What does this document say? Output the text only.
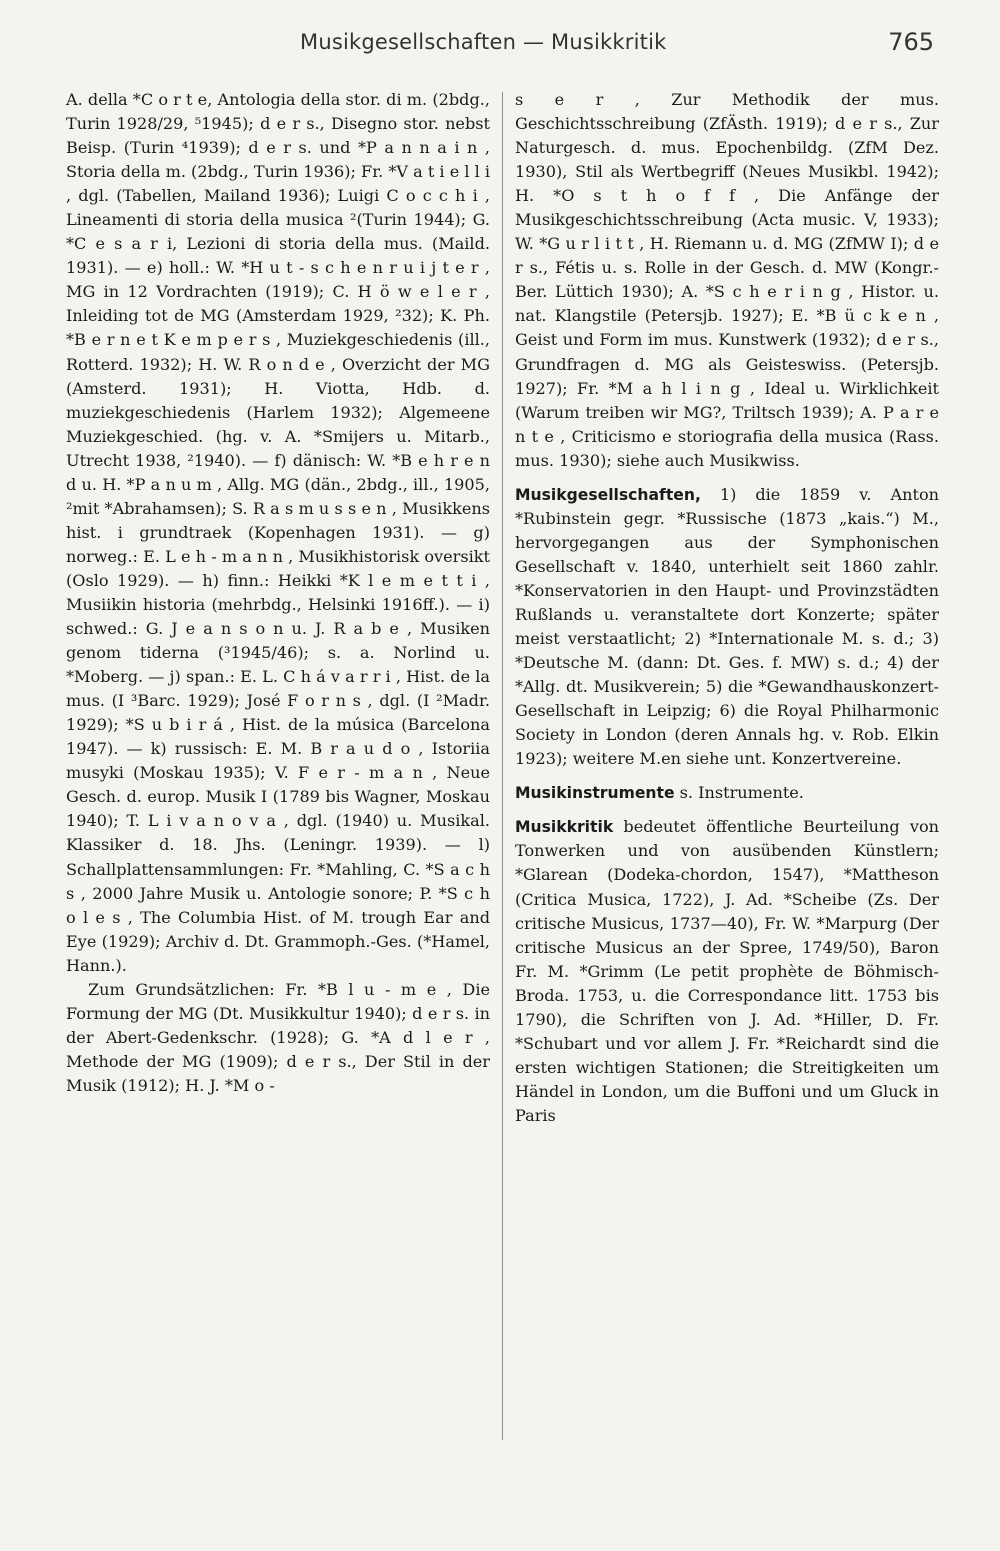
Musikgesellschaften — Musikkritik	765

A. della *C o r t e, Antologia della stor. di m. (2bdg., Turin 1928/29, ⁵1945); d e r s., Disegno stor. nebst Beisp. (Turin ⁴1939); d e r s. und *P a n n a i n , Storia della m. (2bdg., Turin 1936); Fr. *V a t i e l l i , dgl. (Tabellen, Mailand 1936); Luigi C o c c h i , Lineamenti di storia della musica ²(Turin 1944); G. *C e s a r i, Lezioni di storia della mus. (Maild. 1931). — e) holl.: W. *H u t - s c h e n r u i j t e r , MG in 12 Vordrachten (1919); C. H ö w e l e r , Inleiding tot de MG (Amsterdam 1929, ²32); K. Ph. *B e r n e t K e m p e r s , Muziekgeschiedenis (ill., Rotterd. 1932); H. W. R o n d e , Overzicht der MG (Amsterd. 1931); H. Viotta, Hdb. d. muziekgeschiedenis (Harlem 1932); Algemeene Muziekgeschied. (hg. v. A. *Smijers u. Mitarb., Utrecht 1938, ²1940). — f) dänisch: W. *B e h r e n d u. H. *P a n u m , Allg. MG (dän., 2bdg., ill., 1905, ²mit *Abrahamsen); S. R a s m u s s e n , Musikkens hist. i grundtraek (Kopenhagen 1931). — g) norweg.: E. L e h - m a n n , Musikhistorisk oversikt (Oslo 1929). — h) finn.: Heikki *K l e m e t t i , Musiikin historia (mehrbdg., Helsinki 1916ff.). — i) schwed.: G. J e a n s o n u. J. R a b e , Musiken genom tiderna (³1945/46); s. a. Norlind u. *Moberg. — j) span.: E. L. C h á v a r r i , Hist. de la mus. (I ³Barc. 1929); José F o r n s , dgl. (I ²Madr. 1929); *S u b i r á , Hist. de la música (Barcelona 1947). — k) russisch: E. M. B r a u d o , Istoriia musyki (Moskau 1935); V. F e r - m a n , Neue Gesch. d. europ. Musik I (1789 bis Wagner, Moskau 1940); T. L i v a n o v a , dgl. (1940) u. Musikal. Klassiker d. 18. Jhs. (Leningr. 1939). — l) Schallplattensammlungen: Fr. *Mahling, C. *S a c h s , 2000 Jahre Musik u. Antologie sonore; P. *S c h o l e s , The Columbia Hist. of M. trough Ear and Eye (1929); Archiv d. Dt. Grammoph.-Ges. (*Hamel, Hann.).

Zum Grundsätzlichen: Fr. *B l u - m e , Die Formung der MG (Dt. Musikkultur 1940); d e r s. in der Abert-Gedenkschr. (1928); G. *A d l e r , Methode der MG (1909); d e r s., Der Stil in der Musik (1912); H. J. *M o -

s e r , Zur Methodik der mus. Geschichtsschreibung (ZfÄsth. 1919); d e r s., Zur Naturgesch. d. mus. Epochenbildg. (ZfM Dez. 1930), Stil als Wertbegriff (Neues Musikbl. 1942); H. *O s t h o f f , Die Anfänge der Musikgeschichtsschreibung (Acta music. V, 1933); W. *G u r l i t t , H. Riemann u. d. MG (ZfMW I); d e r s., Fétis u. s. Rolle in der Gesch. d. MW (Kongr.-Ber. Lüttich 1930); A. *S c h e r i n g , Histor. u. nat. Klangstile (Petersjb. 1927); E. *B ü c k e n , Geist und Form im mus. Kunstwerk (1932); d e r s., Grundfragen d. MG als Geisteswiss. (Petersjb. 1927); Fr. *M a h l i n g , Ideal u. Wirklichkeit (Warum treiben wir MG?, Triltsch 1939); A. P a r e n t e , Criticismo e storiografia della musica (Rass. mus. 1930); siehe auch Musikwiss.

Musikgesellschaften, 1) die 1859 v. Anton *Rubinstein gegr. *Russische (1873 „kais.“) M., hervorgegangen aus der Symphonischen Gesellschaft v. 1840, unterhielt seit 1860 zahlr. *Konservatorien in den Haupt- und Provinzstädten Rußlands u. veranstaltete dort Konzerte; später meist verstaatlicht; 2) *Internationale M. s. d.; 3) *Deutsche M. (dann: Dt. Ges. f. MW) s. d.; 4) der *Allg. dt. Musikverein; 5) die *Gewandhauskonzert-Gesellschaft in Leipzig; 6) die Royal Philharmonic Society in London (deren Annals hg. v. Rob. Elkin 1923); weitere M.en siehe unt. Konzertvereine.

Musikinstrumente s. Instrumente.

Musikkritik bedeutet öffentliche Beurteilung von Tonwerken und von ausübenden Künstlern; *Glarean (Dodeka-chordon, 1547), *Mattheson (Critica Musica, 1722), J. Ad. *Scheibe (Zs. Der critische Musicus, 1737—40), Fr. W. *Marpurg (Der critische Musicus an der Spree, 1749/50), Baron Fr. M. *Grimm (Le petit prophète de Böhmisch-Broda. 1753, u. die Correspondance litt. 1753 bis 1790), die Schriften von J. Ad. *Hiller, D. Fr. *Schubart und vor allem J. Fr. *Reichardt sind die ersten wichtigen Stationen; die Streitigkeiten um Händel in London, um die Buffoni und um Gluck in Paris
